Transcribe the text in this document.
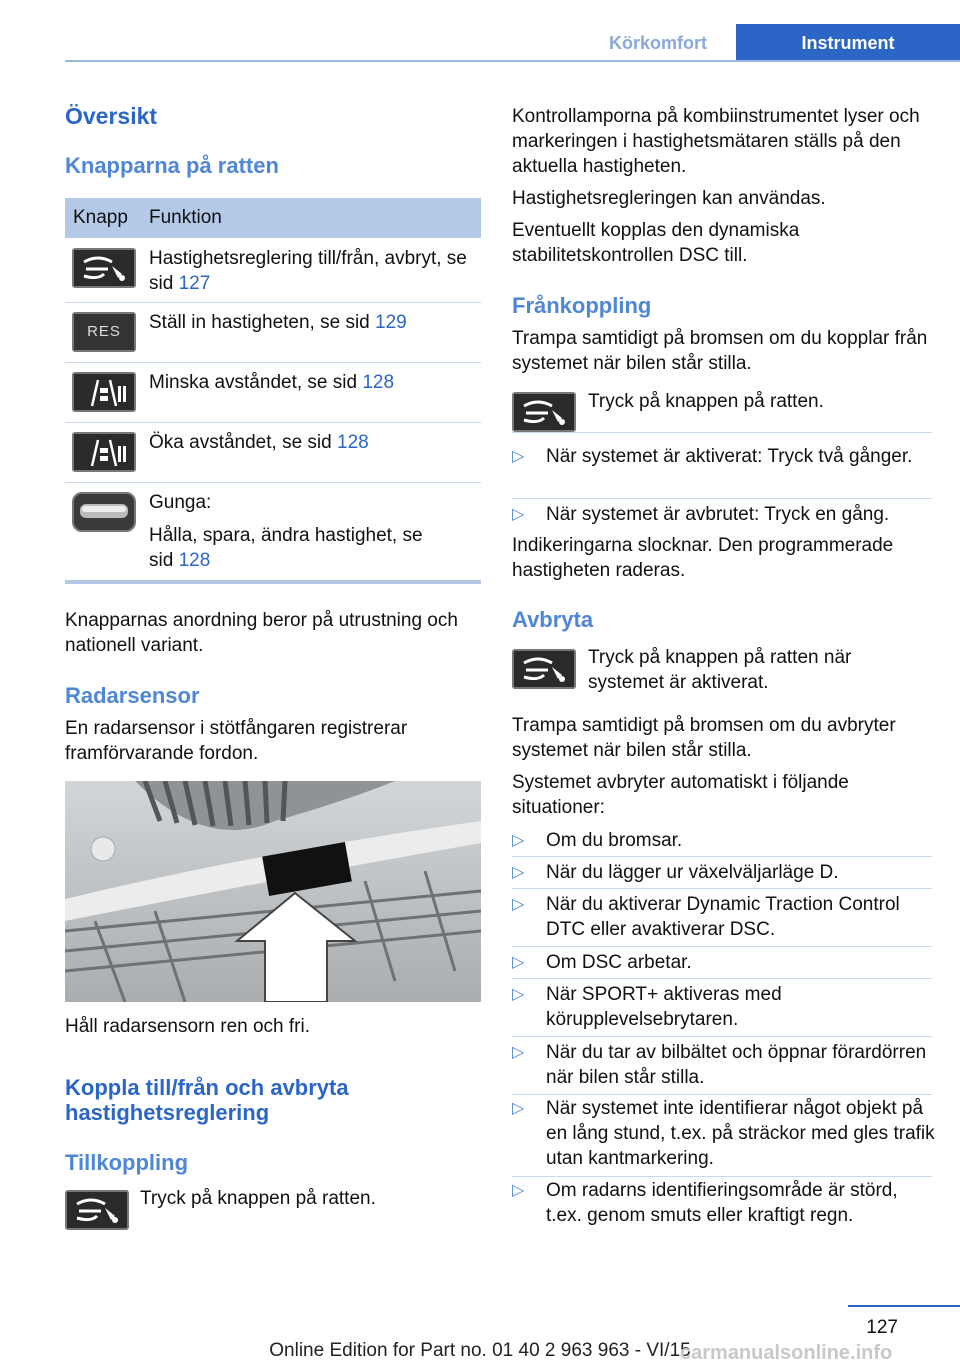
Körkomfort	Instrument
Översikt
Knapparna på ratten
Knapp Funktion
Hastighetsreglering till/från, avbryt, se sid 127
RES	Ställ in hastigheten, se sid 129
Minska avståndet, se sid 128
Öka avståndet, se sid 128
Gunga:
Hålla, spara, ändra hastighet, se sid 128
Knapparnas anordning beror på utrustning och nationell variant.
Radarsensor
En radarsensor i stötfångaren registrerar framförvarande fordon.
Håll radarsensorn ren och fri.
Koppla till/från och avbryta hastighetsreglering
Tillkoppling
Tryck på knappen på ratten.
Kontrollamporna på kombiinstrumentet lyser och markeringen i hastighetsmätaren ställs på den aktuella hastigheten.
Hastighetsregleringen kan användas.
Eventuellt kopplas den dynamiska stabilitetskontrollen DSC till.
Frånkoppling
Trampa samtidigt på bromsen om du kopplar från systemet när bilen står stilla.
Tryck på knappen på ratten.
▷ När systemet är aktiverat: Tryck två gånger.
▷ När systemet är avbrutet: Tryck en gång.
Indikeringarna slocknar. Den programmerade hastigheten raderas.
Avbryta
Tryck på knappen på ratten när systemet är aktiverat.
Trampa samtidigt på bromsen om du avbryter systemet när bilen står stilla.
Systemet avbryter automatiskt i följande situationer:
▷ Om du bromsar.
▷ När du lägger ur växelväljarläge D.
▷ När du aktiverar Dynamic Traction Control DTC eller avaktiverar DSC.
▷ Om DSC arbetar.
▷ När SPORT+ aktiveras med körupplevelsebrytaren.
▷ När du tar av bilbältet och öppnar förardörren när bilen står stilla.
▷ När systemet inte identifierar något objekt på en lång stund, t.ex. på sträckor med gles trafik utan kantmarkering.
▷ Om radarns identifieringsområde är störd, t.ex. genom smuts eller kraftigt regn.
127
Online Edition for Part no. 01 40 2 963 963 - VI/15
carmanualsonline.info
